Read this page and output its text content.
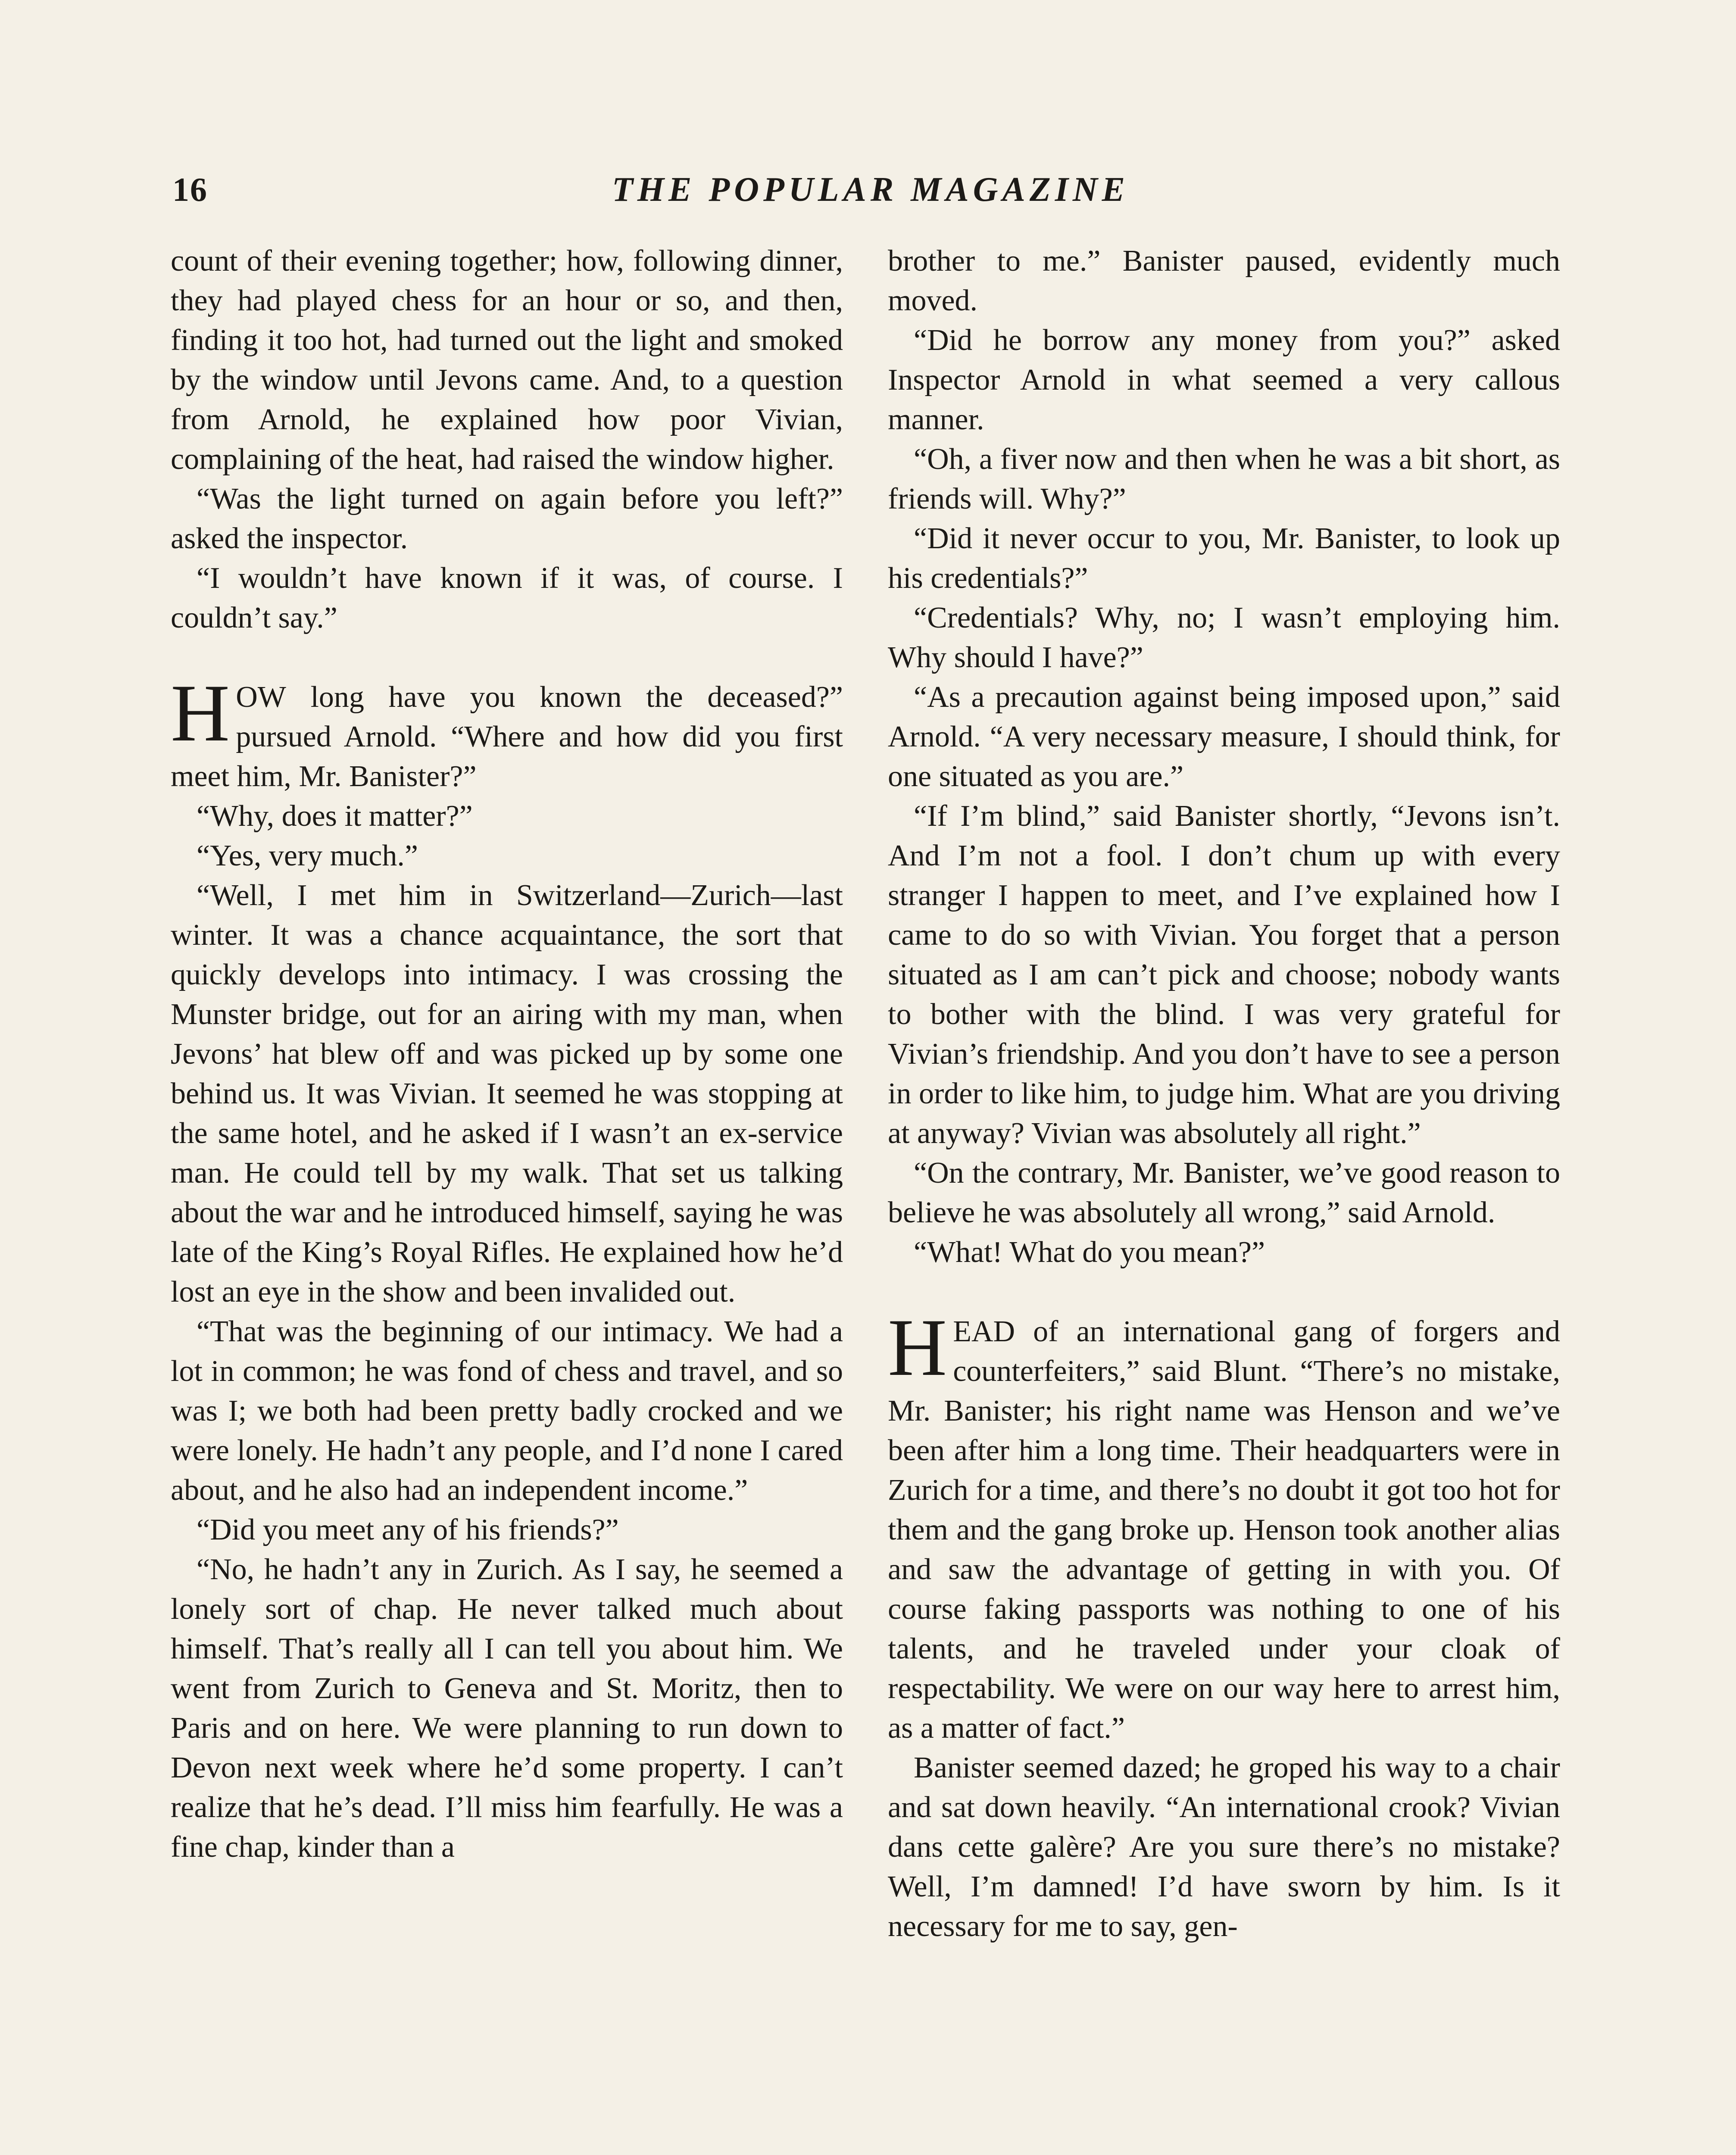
16	THE POPULAR MAGAZINE

count of their evening together; how, following dinner, they had played chess for an hour or so, and then, finding it too hot, had turned out the light and smoked by the window until Jevons came. And, to a question from Arnold, he explained how poor Vivian, complaining of the heat, had raised the window higher.

“Was the light turned on again before you left?” asked the inspector.

“I wouldn’t have known if it was, of course. I couldn’t say.”

HOW long have you known the deceased?” pursued Arnold. “Where and how did you first meet him, Mr. Banister?”

“Why, does it matter?”

“Yes, very much.”

“Well, I met him in Switzerland—Zurich—last winter. It was a chance acquaintance, the sort that quickly develops into intimacy. I was crossing the Munster bridge, out for an airing with my man, when Jevons’ hat blew off and was picked up by some one behind us. It was Vivian. It seemed he was stopping at the same hotel, and he asked if I wasn’t an ex-service man. He could tell by my walk. That set us talking about the war and he introduced himself, saying he was late of the King’s Royal Rifles. He explained how he’d lost an eye in the show and been invalided out.

“That was the beginning of our intimacy. We had a lot in common; he was fond of chess and travel, and so was I; we both had been pretty badly crocked and we were lonely. He hadn’t any people, and I’d none I cared about, and he also had an independent income.”

“Did you meet any of his friends?”

“No, he hadn’t any in Zurich. As I say, he seemed a lonely sort of chap. He never talked much about himself. That’s really all I can tell you about him. We went from Zurich to Geneva and St. Moritz, then to Paris and on here. We were planning to run down to Devon next week where he’d some property. I can’t realize that he’s dead. I’ll miss him fearfully. He was a fine chap, kinder than a

brother to me.” Banister paused, evidently much moved.

“Did he borrow any money from you?” asked Inspector Arnold in what seemed a very callous manner.

“Oh, a fiver now and then when he was a bit short, as friends will. Why?”

“Did it never occur to you, Mr. Banister, to look up his credentials?”

“Credentials? Why, no; I wasn’t employing him. Why should I have?”

“As a precaution against being imposed upon,” said Arnold. “A very necessary measure, I should think, for one situated as you are.”

“If I’m blind,” said Banister shortly, “Jevons isn’t. And I’m not a fool. I don’t chum up with every stranger I happen to meet, and I’ve explained how I came to do so with Vivian. You forget that a person situated as I am can’t pick and choose; nobody wants to bother with the blind. I was very grateful for Vivian’s friendship. And you don’t have to see a person in order to like him, to judge him. What are you driving at anyway? Vivian was absolutely all right.”

“On the contrary, Mr. Banister, we’ve good reason to believe he was absolutely all wrong,” said Arnold.

“What! What do you mean?”

HEAD of an international gang of forgers and counterfeiters,” said Blunt. “There’s no mistake, Mr. Banister; his right name was Henson and we’ve been after him a long time. Their headquarters were in Zurich for a time, and there’s no doubt it got too hot for them and the gang broke up. Henson took another alias and saw the advantage of getting in with you. Of course faking passports was nothing to one of his talents, and he traveled under your cloak of respectability. We were on our way here to arrest him, as a matter of fact.”

Banister seemed dazed; he groped his way to a chair and sat down heavily. “An international crook? Vivian dans cette galère? Are you sure there’s no mistake? Well, I’m damned! I’d have sworn by him. Is it necessary for me to say, gen-
